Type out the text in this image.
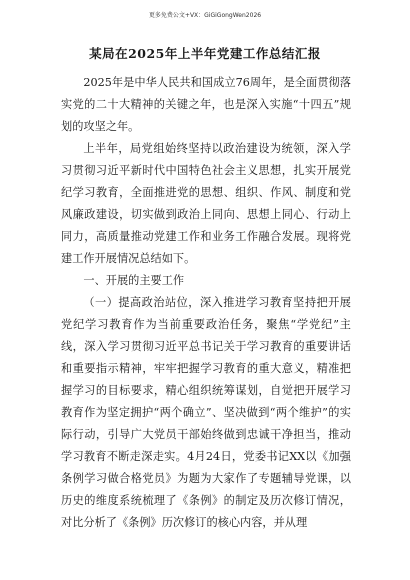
更多免费公文+VX：GiGiGongWen2026
某局在2025年上半年党建工作总结汇报

2025年是中华人民共和国成立76周年，是全面贯彻落实党的二十大精神的关键之年，也是深入实施“十四五”规划的攻坚之年。

上半年，局党组始终坚持以政治建设为统领，深入学习贯彻习近平新时代中国特色社会主义思想，扎实开展党纪学习教育，全面推进党的思想、组织、作风、制度和党风廉政建设，切实做到政治上同向、思想上同心、行动上同力，高质量推动党建工作和业务工作融合发展。现将党建工作开展情况总结如下。

一、开展的主要工作

（一）提高政治站位，深入推进学习教育坚持把开展党纪学习教育作为当前重要政治任务，聚焦“学党纪”主线，深入学习贯彻习近平总书记关于学习教育的重要讲话和重要指示精神，牢牢把握学习教育的重大意义，精准把握学习的目标要求，精心组织统筹谋划，自觉把开展学习教育作为坚定拥护“两个确立”、坚决做到“两个维护”的实际行动，引导广大党员干部始终做到忠诚干净担当，推动学习教育不断走深走实。4月24日，党委书记XX以《加强条例学习做合格党员》为题为大家作了专题辅导党课，以历史的维度系统梳理了《条例》的制定及历次修订情况，对比分析了《条例》历次修订的核心内容，并从理
